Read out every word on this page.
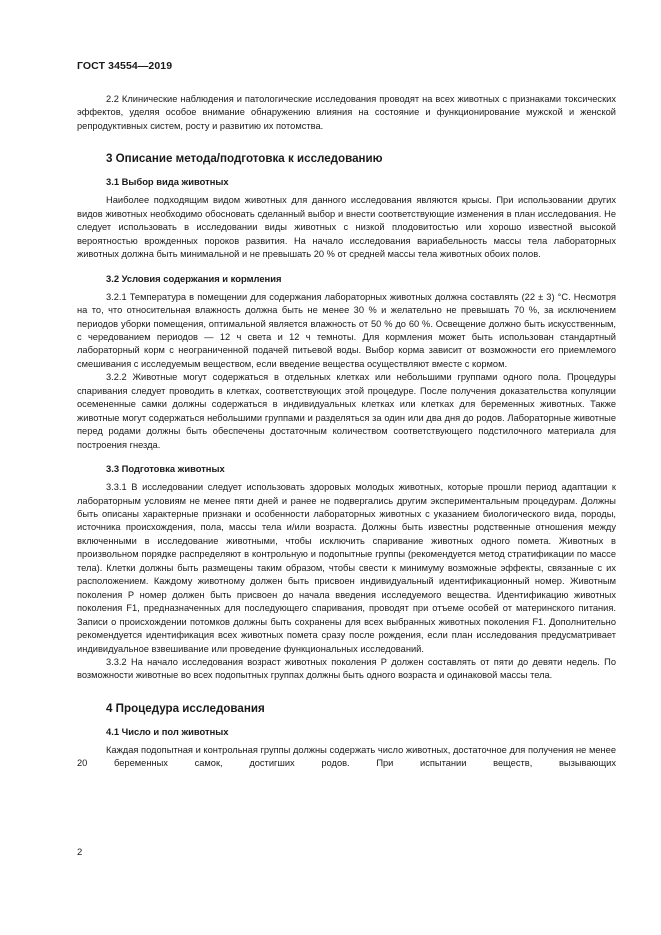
ГОСТ 34554—2019

2.2 Клинические наблюдения и патологические исследования проводят на всех животных с признаками токсических эффектов, уделяя особое внимание обнаружению влияния на состояние и функционирование мужской и женской репродуктивных систем, росту и развитию их потомства.

3 Описание метода/подготовка к исследованию
3.1 Выбор вида животных

Наиболее подходящим видом животных для данного исследования являются крысы. При использовании других видов животных необходимо обосновать сделанный выбор и внести соответствующие изменения в план исследования. Не следует использовать в исследовании виды животных с низкой плодовитостью или хорошо известной высокой вероятностью врожденных пороков развития. На начало исследования вариабельность массы тела лабораторных животных должна быть минимальной и не превышать 20 % от средней массы тела животных обоих полов.

3.2 Условия содержания и кормления

3.2.1 Температура в помещении для содержания лабораторных животных должна составлять (22 ± 3) °С. Несмотря на то, что относительная влажность должна быть не менее 30 % и желательно не превышать 70 %, за исключением периодов уборки помещения, оптимальной является влажность от 50 % до 60 %. Освещение должно быть искусственным, с чередованием периодов — 12 ч света и 12 ч темноты. Для кормления может быть использован стандартный лабораторный корм с неограниченной подачей питьевой воды. Выбор корма зависит от возможности его приемлемого смешивания с исследуемым веществом, если введение вещества осуществляют вместе с кормом.

3.2.2 Животные могут содержаться в отдельных клетках или небольшими группами одного пола. Процедуры спаривания следует проводить в клетках, соответствующих этой процедуре. После получения доказательства копуляции осемененные самки должны содержаться в индивидуальных клетках или клетках для беременных животных. Также животные могут содержаться небольшими группами и разделяться за один или два дня до родов. Лабораторные животные перед родами должны быть обеспечены достаточным количеством соответствующего подстилочного материала для построения гнезда.

3.3 Подготовка животных

3.3.1 В исследовании следует использовать здоровых молодых животных, которые прошли период адаптации к лабораторным условиям не менее пяти дней и ранее не подвергались другим экспериментальным процедурам. Должны быть описаны характерные признаки и особенности лабораторных животных с указанием биологического вида, породы, источника происхождения, пола, массы тела и/или возраста. Должны быть известны родственные отношения между включенными в исследование животными, чтобы исключить спаривание животных одного помета. Животных в произвольном порядке распределяют в контрольную и подопытные группы (рекомендуется метод стратификации по массе тела). Клетки должны быть размещены таким образом, чтобы свести к минимуму возможные эффекты, связанные с их расположением. Каждому животному должен быть присвоен индивидуальный идентификационный номер. Животным поколения Р номер должен быть присвоен до начала введения исследуемого вещества. Идентификацию животных поколения F1, предназначенных для последующего спаривания, проводят при отъеме особей от материнского питания. Записи о происхождении потомков должны быть сохранены для всех выбранных животных поколения F1. Дополнительно рекомендуется идентификация всех животных помета сразу после рождения, если план исследования предусматривает индивидуальное взвешивание или проведение функциональных исследований.

3.3.2 На начало исследования возраст животных поколения Р должен составлять от пяти до девяти недель. По возможности животные во всех подопытных группах должны быть одного возраста и одинаковой массы тела.

4 Процедура исследования
4.1 Число и пол животных

Каждая подопытная и контрольная группы должны содержать число животных, достаточное для получения не менее 20 беременных самок, достигших родов. При испытании веществ, вызывающих

2
